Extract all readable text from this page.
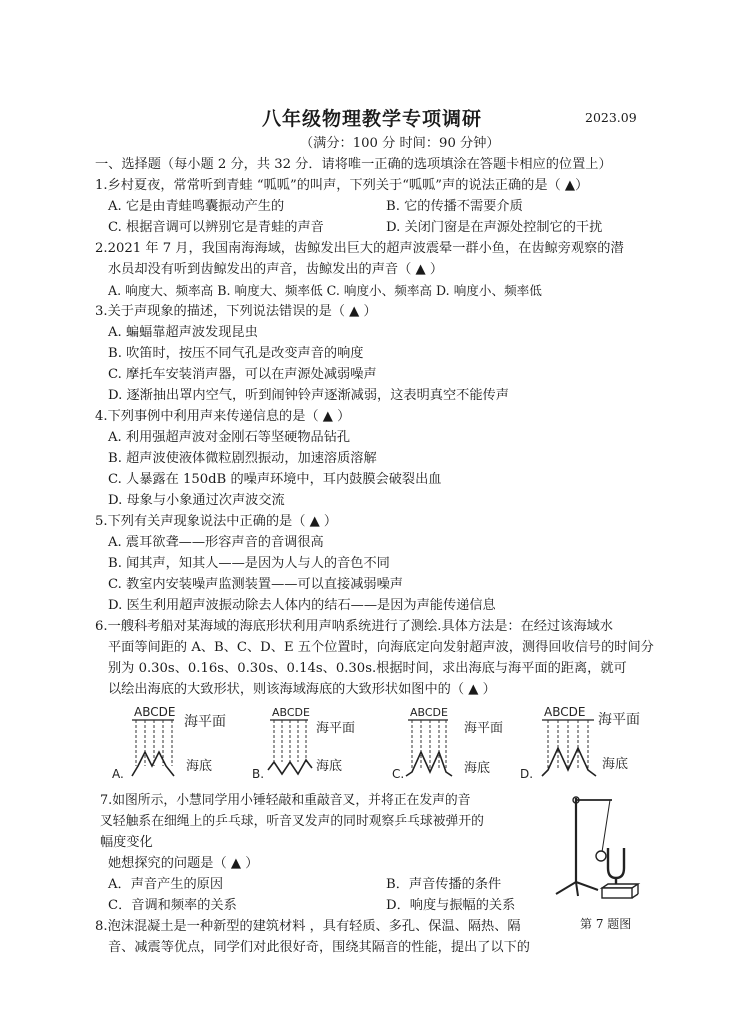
八年级物理教学专项调研	2023.09
（满分：100 分 时间：90 分钟）
一、选择题（每小题 2 分，共 32 分．请将唯一正确的选项填涂在答题卡相应的位置上）
1.乡村夏夜，常常听到青蛙 “呱呱”的叫声，下列关于“呱呱”声的说法正确的是（ ▲）
A. 它是由青蛙鸣囊振动产生的	B. 它的传播不需要介质
C. 根据音调可以辨别它是青蛙的声音	D. 关闭门窗是在声源处控制它的干扰
2.2021 年 7 月，我国南海海域，齿鲸发出巨大的超声波震晕一群小鱼，在齿鲸旁观察的潜
水员却没有听到齿鲸发出的声音，齿鲸发出的声音（ ▲ ）
A. 响度大、频率高 B. 响度大、频率低 C. 响度小、频率高 D. 响度小、频率低
3.关于声现象的描述，下列说法错误的是（ ▲ ）
A. 蝙蝠靠超声波发现昆虫
B. 吹笛时，按压不同气孔是改变声音的响度
C. 摩托车安装消声器，可以在声源处减弱噪声
D. 逐渐抽出罩内空气，听到闹钟铃声逐渐减弱，这表明真空不能传声
4.下列事例中利用声来传递信息的是（ ▲ ）
A. 利用强超声波对金刚石等坚硬物品钻孔
B. 超声波使液体微粒剧烈振动，加速溶质溶解
C. 人暴露在 150dB 的噪声环境中，耳内鼓膜会破裂出血
D. 母象与小象通过次声波交流
5.下列有关声现象说法中正确的是（ ▲ ）
A. 震耳欲聋——形容声音的音调很高
B. 闻其声，知其人——是因为人与人的音色不同
C. 教室内安装噪声监测装置——可以直接减弱噪声
D. 医生利用超声波振动除去人体内的结石——是因为声能传递信息
6.一艘科考船对某海域的海底形状利用声呐系统进行了测绘.具体方法是：在经过该海域水
平面等间距的 A、B、C、D、E 五个位置时，向海底定向发射超声波，测得回收信号的时间分
别为 0.30s、0.16s、0.30s、0.14s、0.30s.根据时间，求出海底与海平面的距离，就可
以绘出海底的大致形状，则该海域海底的大致形状如图中的（ ▲ ）
ABCDE
海平面
海底
A.
ABCDE
海平面
海底
B.
ABCDE
海平面
海底
C.
ABCDE 海平面
海底
D.
7.如图所示，小慧同学用小锤轻敲和重敲音叉，并将正在发声的音
叉轻触系在细绳上的乒乓球，听音叉发声的同时观察乒乓球被弹开的
幅度变化
她想探究的问题是（ ▲ ）
A．声音产生的原因	B．声音传播的条件
C．音调和频率的关系	D．响度与振幅的关系
第 7 题图
8.泡沫混凝土是一种新型的建筑材料 ，具有轻质、多孔、保温、隔热、隔
音、减震等优点，同学们对此很好奇，围绕其隔音的性能，提出了以下的
